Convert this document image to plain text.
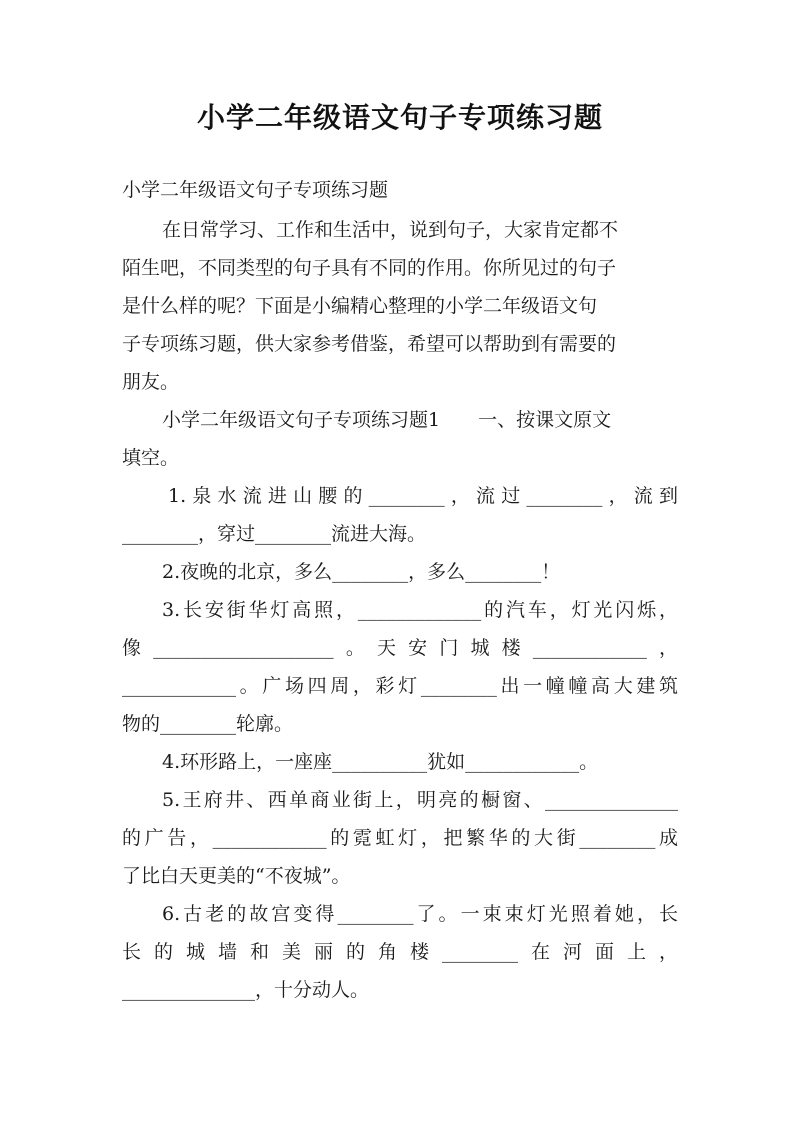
小学二年级语文句子专项练习题
小学二年级语文句子专项练习题
在日常学习、工作和生活中，说到句子，大家肯定都不
陌生吧，不同类型的句子具有不同的作用。你所见过的句子
是什么样的呢？下面是小编精心整理的小学二年级语文句
子专项练习题，供大家参考借鉴，希望可以帮助到有需要的
朋友。
小学二年级语文句子专项练习题1　　一、按课文原文
填空。
1.泉水流进山腰的________，流过________，流到
________，穿过________流进大海。
2.夜晚的北京，多么________，多么________！
3.长安街华灯高照，_____________的汽车，灯光闪烁，
像___________________。天安门城楼____________，
____________。广场四周，彩灯________出一幢幢高大建筑
物的________轮廓。
4.环形路上，一座座__________犹如____________。
5.王府井、西单商业街上，明亮的橱窗、______________
的广告，____________的霓虹灯，把繁华的大街________成
了比白天更美的“不夜城”。
6.古老的故宫变得________了。一束束灯光照着她，长
长的城墙和美丽的角楼________在河面上，
______________，十分动人。
